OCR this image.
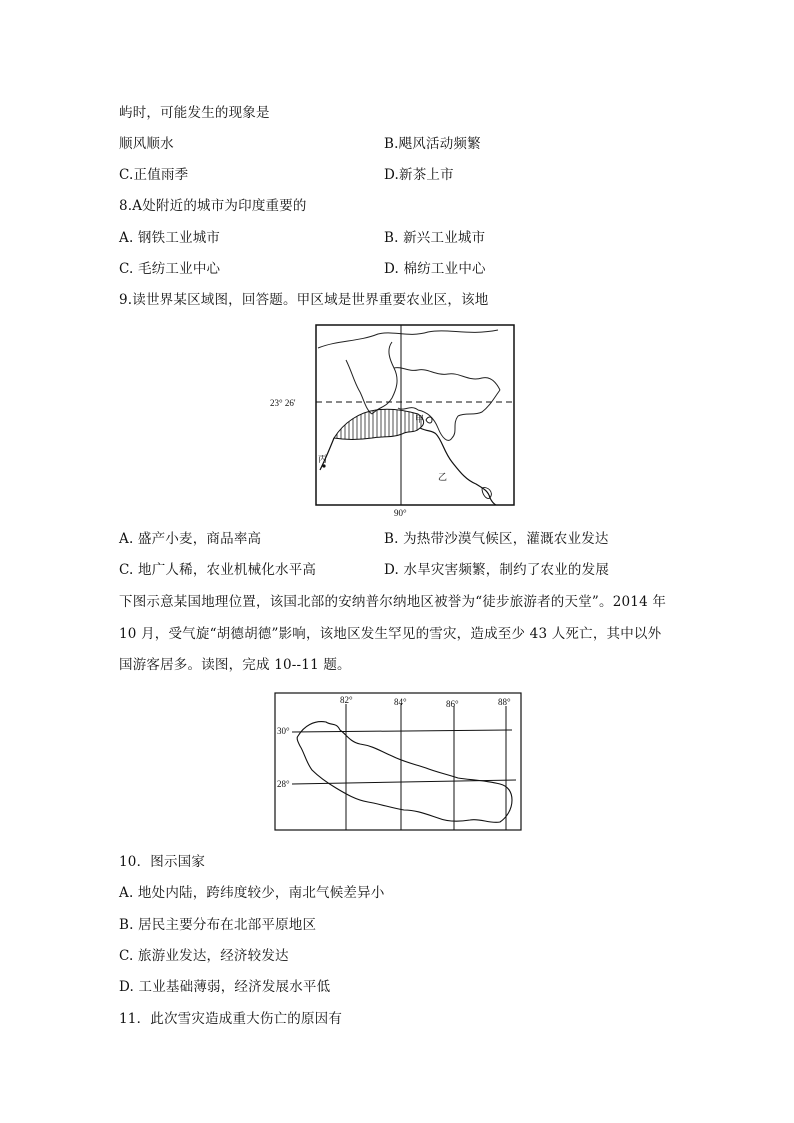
屿时，可能发生的现象是
顺风顺水	B.飓风活动频繁
C.正值雨季	D.新茶上市
8.A处附近的城市为印度重要的
A. 钢铁工业城市	B. 新兴工业城市
C. 毛纺工业中心	D. 棉纺工业中心
9.读世界某区域图，回答题。甲区域是世界重要农业区，该地
23° 26'
90°
甲
乙
丙
A. 盛产小麦，商品率高	B. 为热带沙漠气候区，灌溉农业发达
C. 地广人稀，农业机械化水平高	D. 水旱灾害频繁，制约了农业的发展
下图示意某国地理位置，该国北部的安纳普尔纳地区被誉为“徒步旅游者的天堂”。2014 年
10 月，受气旋“胡德胡德”影响，该地区发生罕见的雪灾，造成至少 43 人死亡，其中以外
国游客居多。读图，完成 10--11 题。
82°	84°	86°	88°
30°
28°
10．图示国家
A. 地处内陆，跨纬度较少，南北气候差异小
B. 居民主要分布在北部平原地区
C. 旅游业发达，经济较发达
D. 工业基础薄弱，经济发展水平低
11．此次雪灾造成重大伤亡的原因有
